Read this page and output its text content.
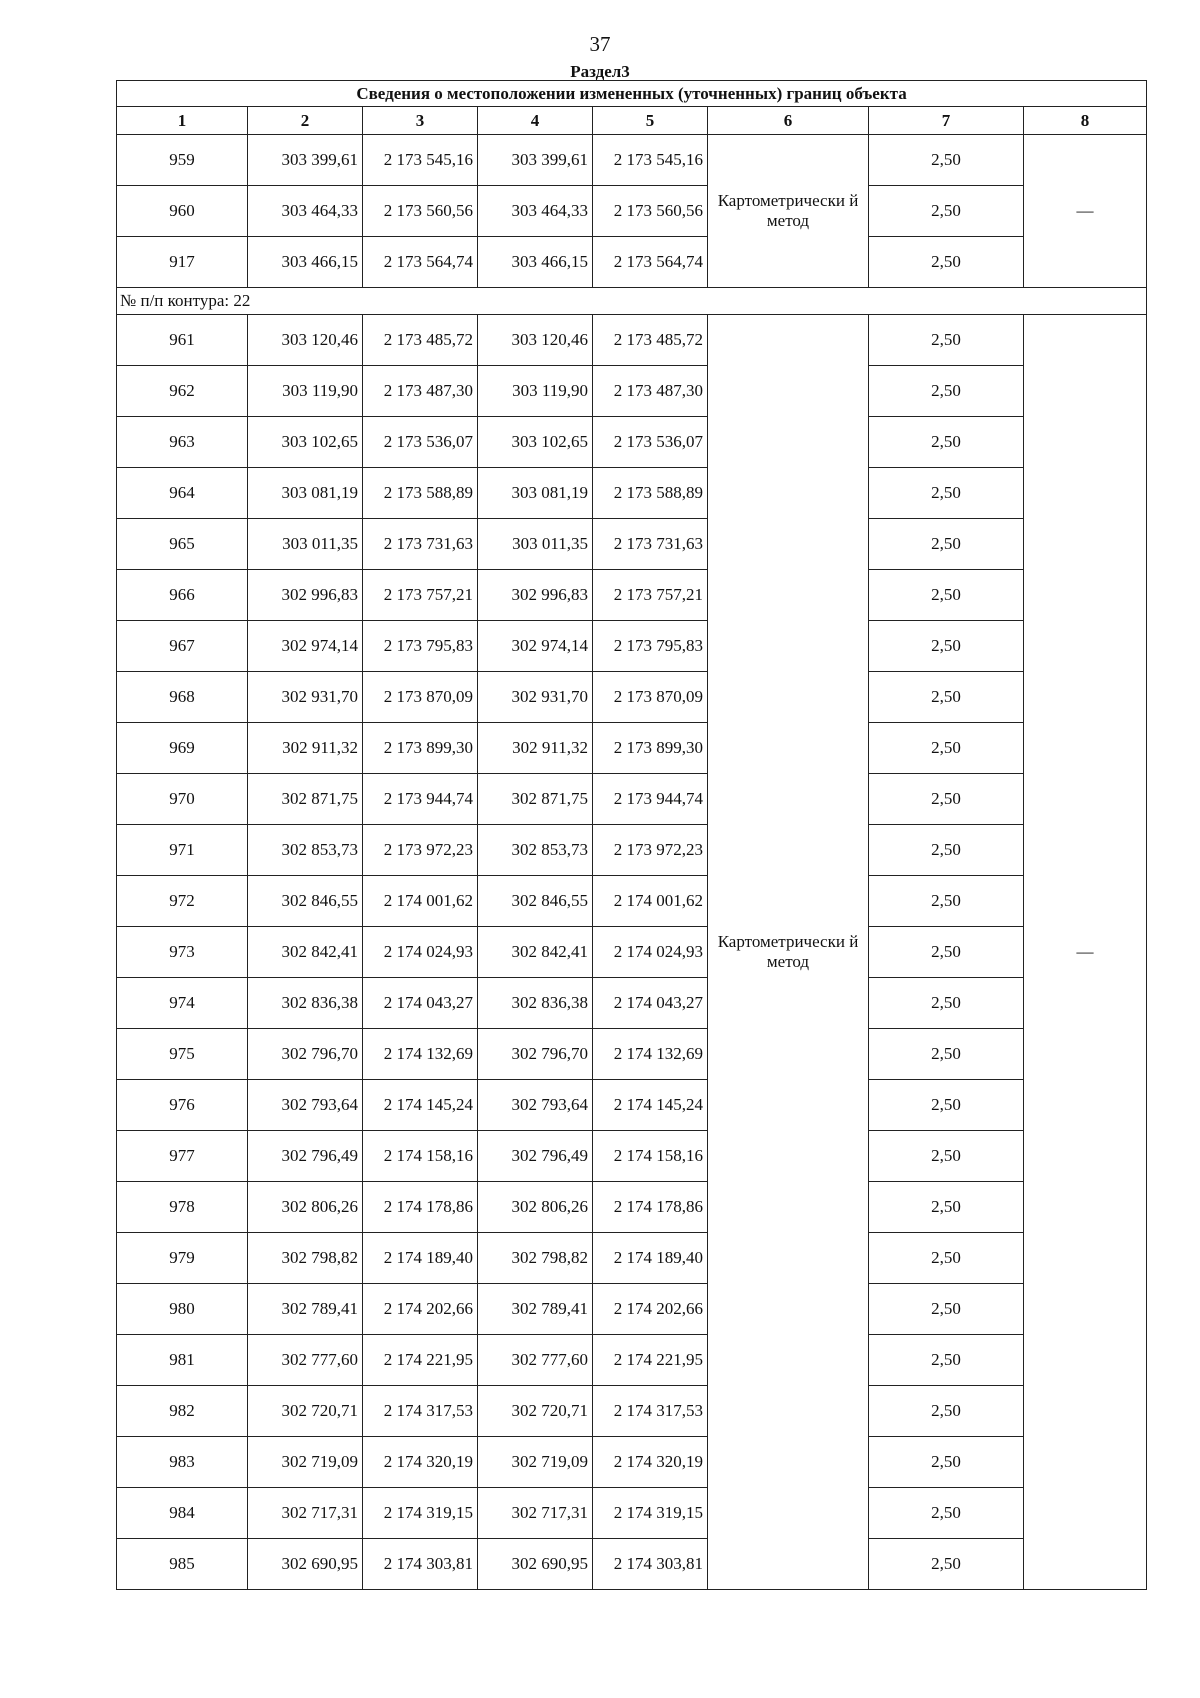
37
Раздел3
Сведения о местоположении измененных (уточненных) границ объекта							
1	2	3	4	5	6	7	8
959	303 399,61	2 173 545,16	303 399,61	2 173 545,16	Картометрически й метод	2,50	—
960	303 464,33	2 173 560,56	303 464,33	2 173 560,56		2,50	
917	303 466,15	2 173 564,74	303 466,15	2 173 564,74		2,50	
№ п/п контура: 22							
961	303 120,46	2 173 485,72	303 120,46	2 173 485,72	Картометрически й метод	2,50	—
962	303 119,90	2 173 487,30	303 119,90	2 173 487,30		2,50	
963	303 102,65	2 173 536,07	303 102,65	2 173 536,07		2,50	
964	303 081,19	2 173 588,89	303 081,19	2 173 588,89		2,50	
965	303 011,35	2 173 731,63	303 011,35	2 173 731,63		2,50	
966	302 996,83	2 173 757,21	302 996,83	2 173 757,21		2,50	
967	302 974,14	2 173 795,83	302 974,14	2 173 795,83		2,50	
968	302 931,70	2 173 870,09	302 931,70	2 173 870,09		2,50	
969	302 911,32	2 173 899,30	302 911,32	2 173 899,30		2,50	
970	302 871,75	2 173 944,74	302 871,75	2 173 944,74		2,50	
971	302 853,73	2 173 972,23	302 853,73	2 173 972,23		2,50	
972	302 846,55	2 174 001,62	302 846,55	2 174 001,62		2,50	
973	302 842,41	2 174 024,93	302 842,41	2 174 024,93		2,50	
974	302 836,38	2 174 043,27	302 836,38	2 174 043,27		2,50	
975	302 796,70	2 174 132,69	302 796,70	2 174 132,69		2,50	
976	302 793,64	2 174 145,24	302 793,64	2 174 145,24		2,50	
977	302 796,49	2 174 158,16	302 796,49	2 174 158,16		2,50	
978	302 806,26	2 174 178,86	302 806,26	2 174 178,86		2,50	
979	302 798,82	2 174 189,40	302 798,82	2 174 189,40		2,50	
980	302 789,41	2 174 202,66	302 789,41	2 174 202,66		2,50	
981	302 777,60	2 174 221,95	302 777,60	2 174 221,95		2,50	
982	302 720,71	2 174 317,53	302 720,71	2 174 317,53		2,50	
983	302 719,09	2 174 320,19	302 719,09	2 174 320,19		2,50	
984	302 717,31	2 174 319,15	302 717,31	2 174 319,15		2,50	
985	302 690,95	2 174 303,81	302 690,95	2 174 303,81		2,50	
